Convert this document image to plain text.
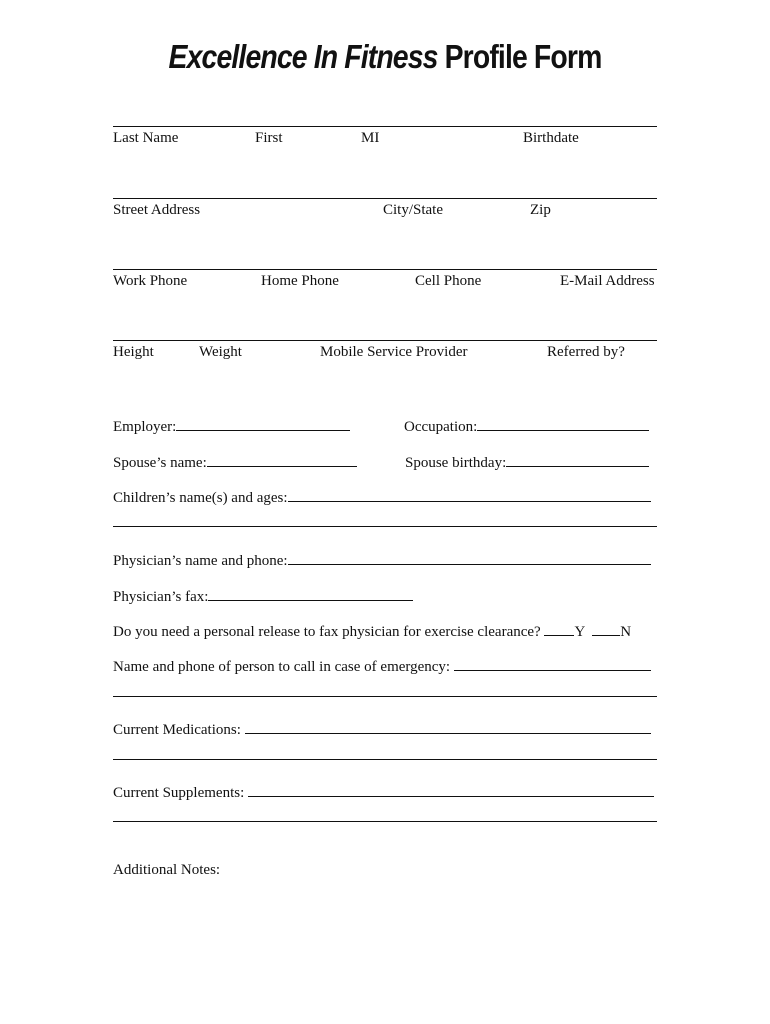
Excellence In Fitness Profile Form
Last Name	First	MI	Birthdate
Street Address	City/State	Zip
Work Phone	Home Phone	Cell Phone	E-Mail Address
Height	Weight	Mobile Service Provider	Referred by?
Employer:	Occupation:
Spouse’s name:	Spouse birthday:
Children’s name(s) and ages:
Physician’s name and phone:
Physician’s fax:
Do you need a personal release to fax physician for exercise clearance? Y N
Name and phone of person to call in case of emergency:
Current Medications:
Current Supplements:
Additional Notes:
